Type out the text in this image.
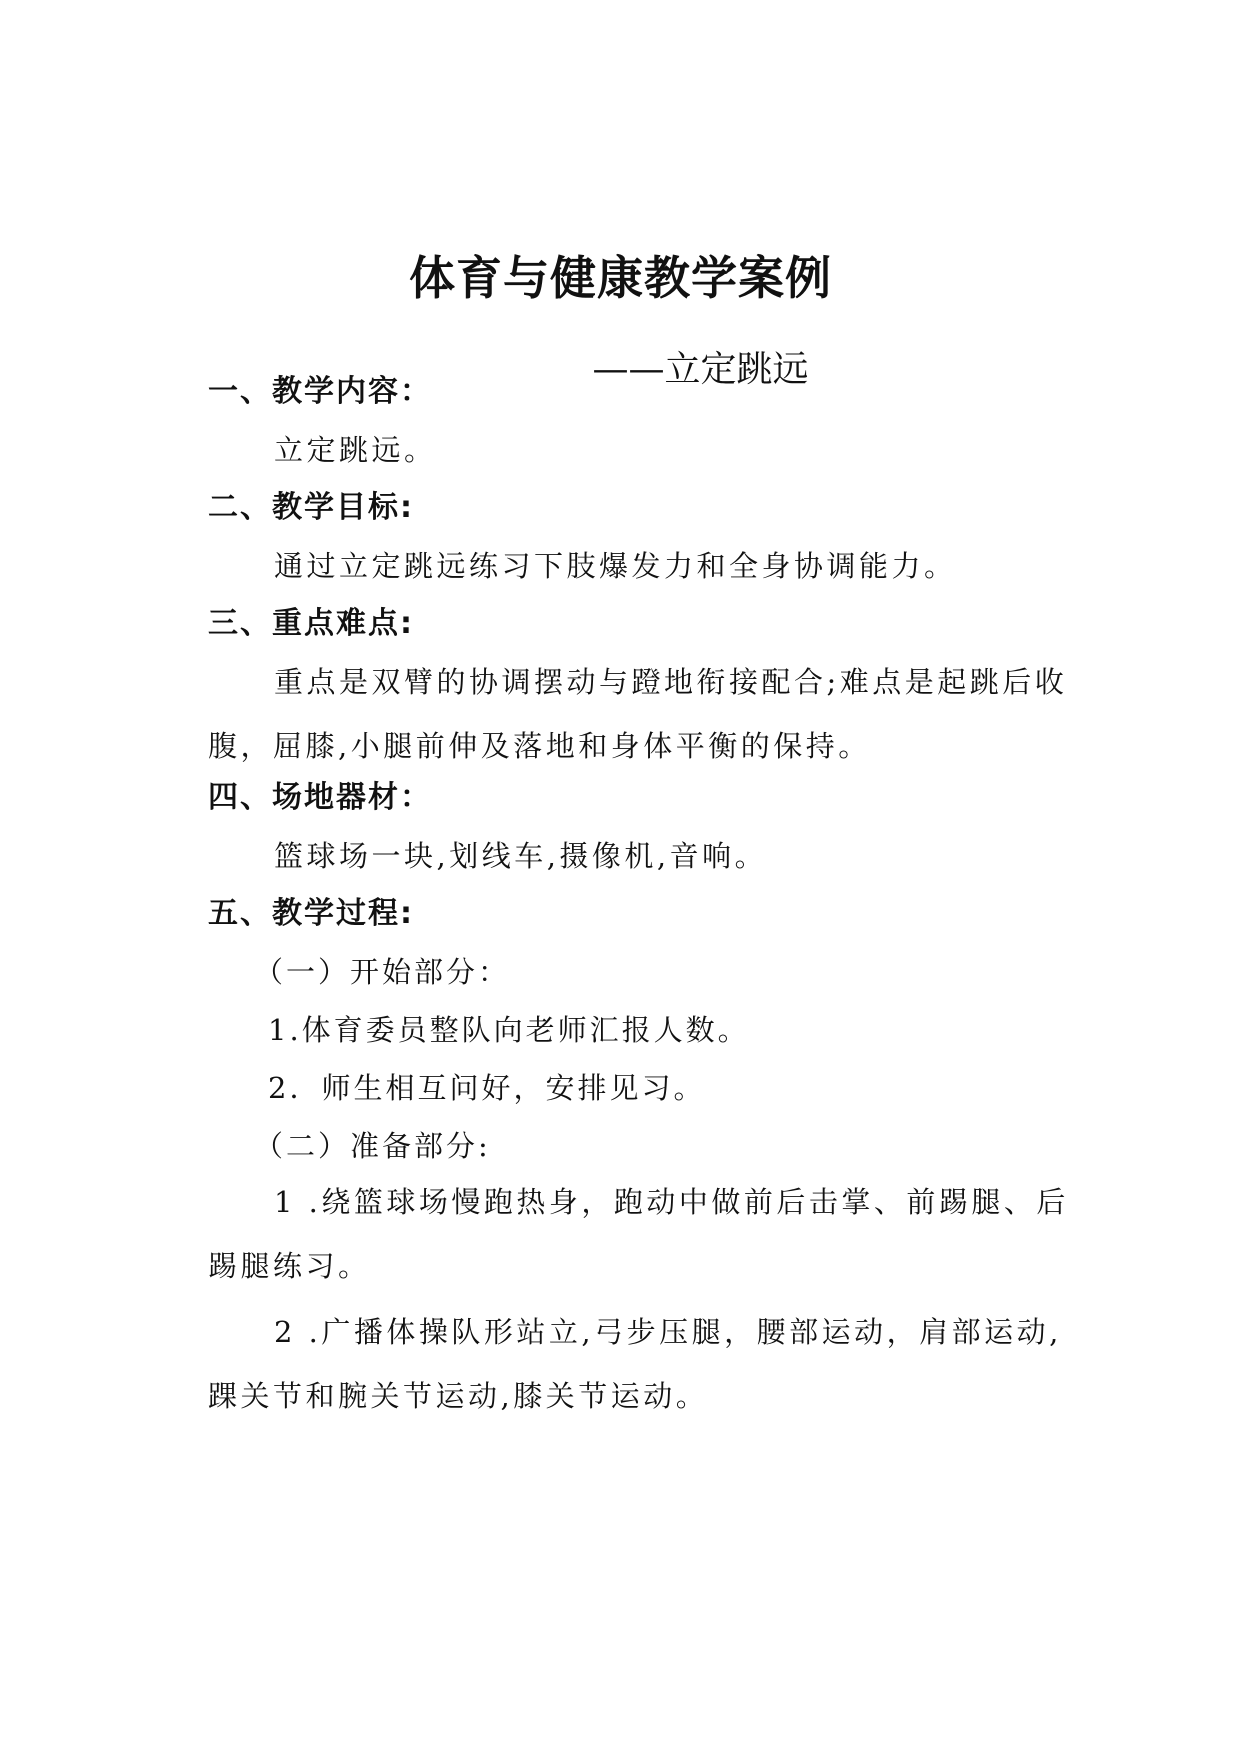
体育与健康教学案例
——立定跳远
一、教学内容：
立定跳远。
二、教学目标:
通过立定跳远练习下肢爆发力和全身协调能力。
三、重点难点:
重点是双臂的协调摆动与蹬地衔接配合;难点是起跳后收腹，屈膝,小腿前伸及落地和身体平衡的保持。
四、场地器材：
篮球场一块,划线车,摄像机,音响。
五、教学过程:
（一）开始部分：
1.体育委员整队向老师汇报人数。
2．师生相互问好，安排见习。
（二）准备部分:
1 .绕篮球场慢跑热身，跑动中做前后击掌、前踢腿、后踢腿练习。
2 .广播体操队形站立,弓步压腿，腰部运动，肩部运动,踝关节和腕关节运动,膝关节运动。
